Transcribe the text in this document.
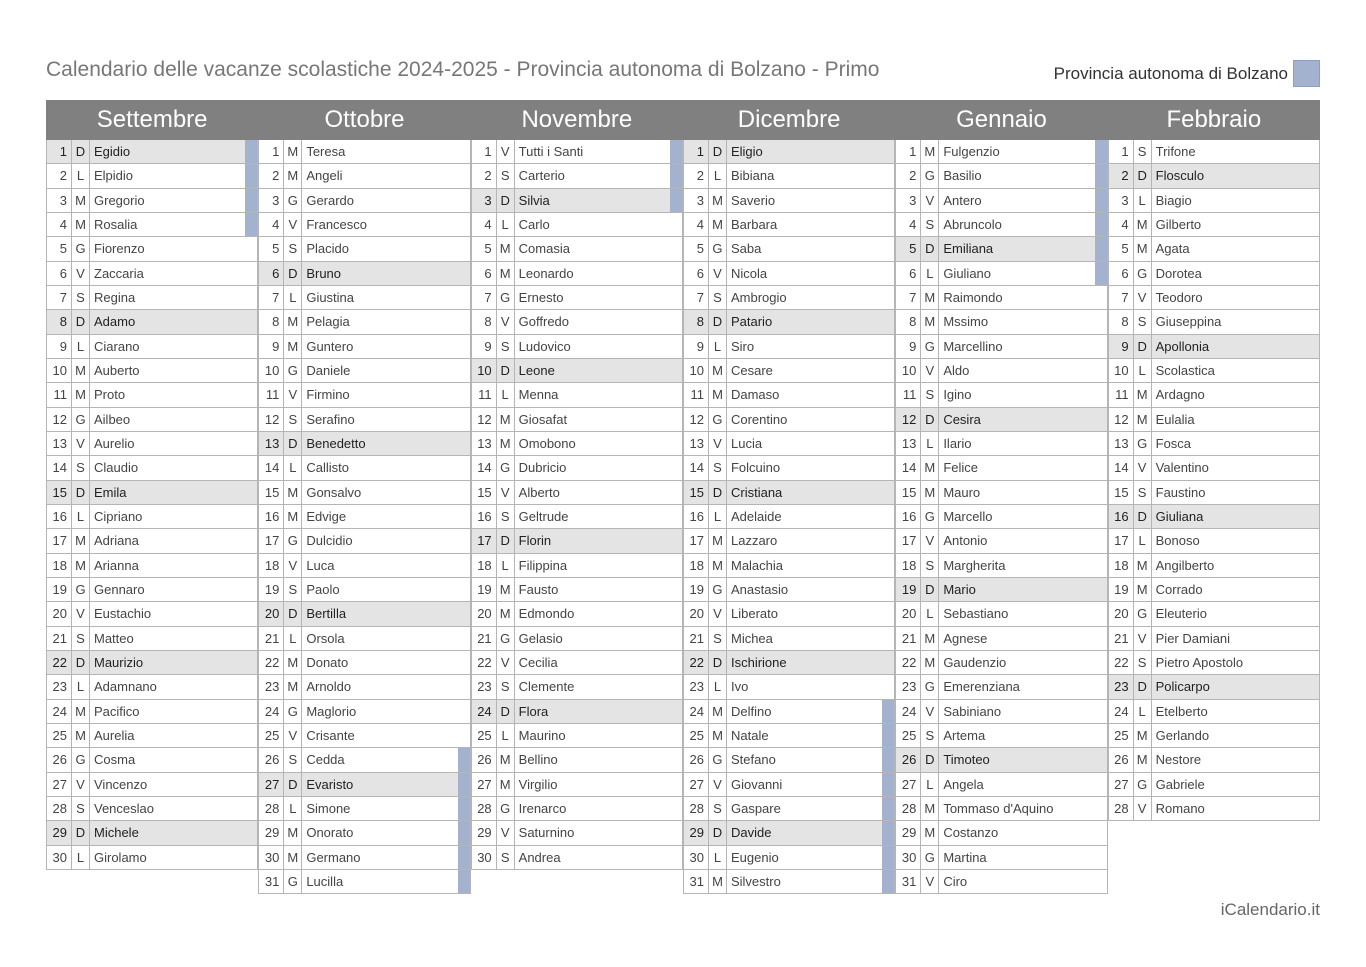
Calendario delle vacanze scolastiche 2024-2025 - Provincia autonoma di Bolzano - Primo	Provincia autonoma di Bolzano
Settembre
1 D Egidio
2 L Elpidio
3 M Gregorio
4 M Rosalia
5 G Fiorenzo
6 V Zaccaria
7 S Regina
8 D Adamo
9 L Ciarano
10 M Auberto
11 M Proto
12 G Ailbeo
13 V Aurelio
14 S Claudio
15 D Emila
16 L Cipriano
17 M Adriana
18 M Arianna
19 G Gennaro
20 V Eustachio
21 S Matteo
22 D Maurizio
23 L Adamnano
24 M Pacifico
25 M Aurelia
26 G Cosma
27 V Vincenzo
28 S Venceslao
29 D Michele
30 L Girolamo
Ottobre
1 M Teresa
2 M Angeli
3 G Gerardo
4 V Francesco
5 S Placido
6 D Bruno
7 L Giustina
8 M Pelagia
9 M Guntero
10 G Daniele
11 V Firmino
12 S Serafino
13 D Benedetto
14 L Callisto
15 M Gonsalvo
16 M Edvige
17 G Dulcidio
18 V Luca
19 S Paolo
20 D Bertilla
21 L Orsola
22 M Donato
23 M Arnoldo
24 G Maglorio
25 V Crisante
26 S Cedda
27 D Evaristo
28 L Simone
29 M Onorato
30 M Germano
31 G Lucilla
Novembre
1 V Tutti i Santi
2 S Carterio
3 D Silvia
4 L Carlo
5 M Comasia
6 M Leonardo
7 G Ernesto
8 V Goffredo
9 S Ludovico
10 D Leone
11 L Menna
12 M Giosafat
13 M Omobono
14 G Dubricio
15 V Alberto
16 S Geltrude
17 D Florin
18 L Filippina
19 M Fausto
20 M Edmondo
21 G Gelasio
22 V Cecilia
23 S Clemente
24 D Flora
25 L Maurino
26 M Bellino
27 M Virgilio
28 G Irenarco
29 V Saturnino
30 S Andrea
Dicembre
1 D Eligio
2 L Bibiana
3 M Saverio
4 M Barbara
5 G Saba
6 V Nicola
7 S Ambrogio
8 D Patario
9 L Siro
10 M Cesare
11 M Damaso
12 G Corentino
13 V Lucia
14 S Folcuino
15 D Cristiana
16 L Adelaide
17 M Lazzaro
18 M Malachia
19 G Anastasio
20 V Liberato
21 S Michea
22 D Ischirione
23 L Ivo
24 M Delfino
25 M Natale
26 G Stefano
27 V Giovanni
28 S Gaspare
29 D Davide
30 L Eugenio
31 M Silvestro
Gennaio
1 M Fulgenzio
2 G Basilio
3 V Antero
4 S Abruncolo
5 D Emiliana
6 L Giuliano
7 M Raimondo
8 M Mssimo
9 G Marcellino
10 V Aldo
11 S Igino
12 D Cesira
13 L Ilario
14 M Felice
15 M Mauro
16 G Marcello
17 V Antonio
18 S Margherita
19 D Mario
20 L Sebastiano
21 M Agnese
22 M Gaudenzio
23 G Emerenziana
24 V Sabiniano
25 S Artema
26 D Timoteo
27 L Angela
28 M Tommaso d'Aquino
29 M Costanzo
30 G Martina
31 V Ciro
Febbraio
1 S Trifone
2 D Flosculo
3 L Biagio
4 M Gilberto
5 M Agata
6 G Dorotea
7 V Teodoro
8 S Giuseppina
9 D Apollonia
10 L Scolastica
11 M Ardagno
12 M Eulalia
13 G Fosca
14 V Valentino
15 S Faustino
16 D Giuliana
17 L Bonoso
18 M Angilberto
19 M Corrado
20 G Eleuterio
21 V Pier Damiani
22 S Pietro Apostolo
23 D Policarpo
24 L Etelberto
25 M Gerlando
26 M Nestore
27 G Gabriele
28 V Romano
iCalendario.it
